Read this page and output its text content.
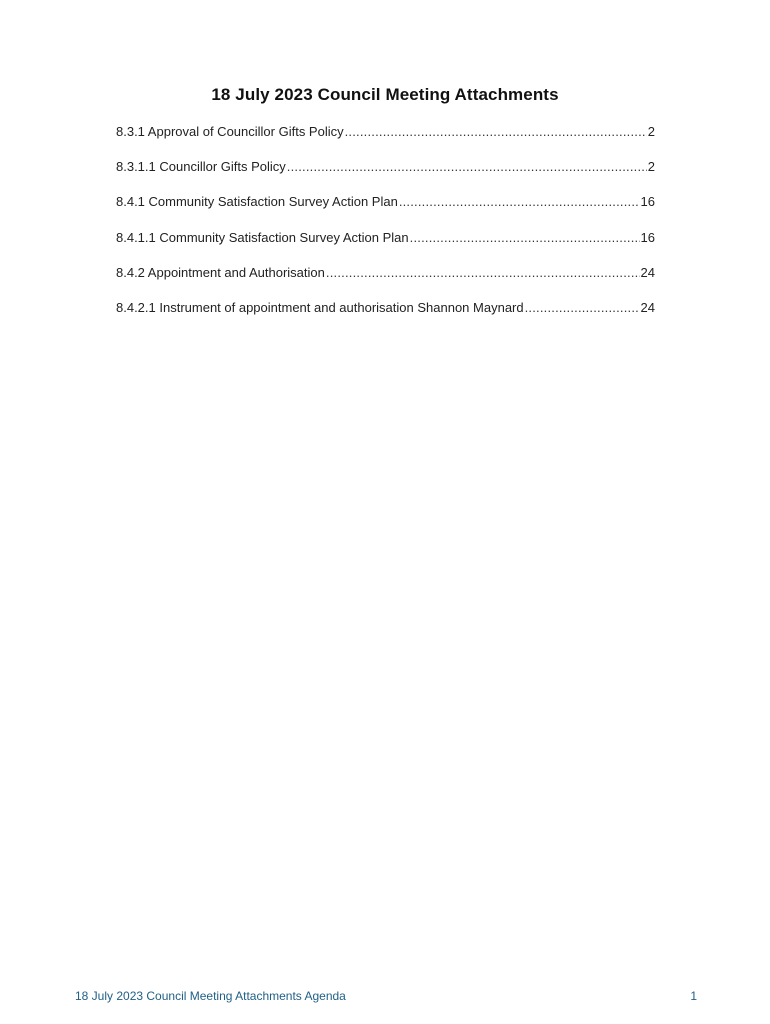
18 July 2023 Council Meeting Attachments
8.3.1 Approval of Councillor Gifts Policy .....	2
8.3.1.1 Councillor Gifts Policy .....	2
8.4.1 Community Satisfaction Survey Action Plan .....	16
8.4.1.1 Community Satisfaction Survey Action Plan .....	16
8.4.2 Appointment and Authorisation .....	24
8.4.2.1 Instrument of appointment and authorisation Shannon Maynard .....	24
18 July 2023 Council Meeting Attachments Agenda	1
